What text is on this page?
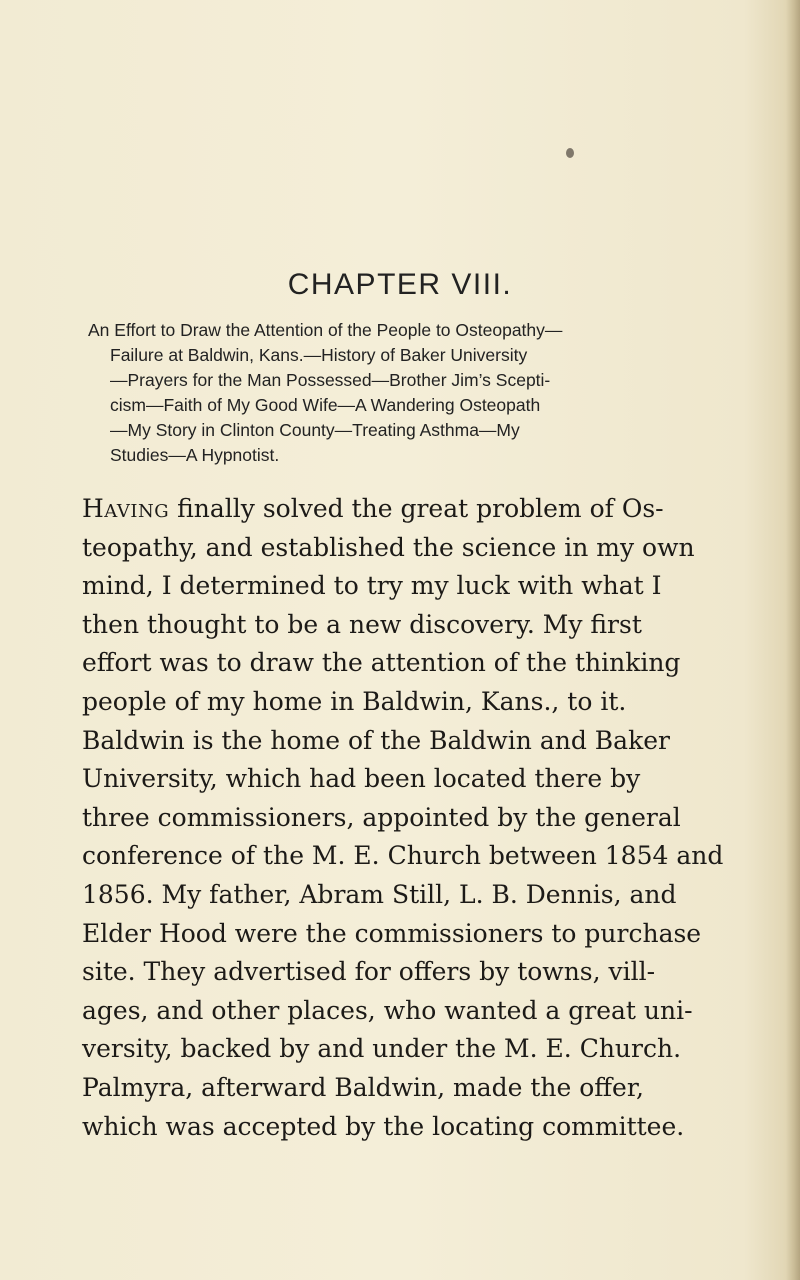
CHAPTER VIII.
An Effort to Draw the Attention of the People to Osteopathy—
Failure at Baldwin, Kans.—History of Baker University
—Prayers for the Man Possessed—Brother Jim’s Scepti-
cism—Faith of My Good Wife—A Wandering Osteopath
—My Story in Clinton County—Treating Asthma—My
Studies—A Hypnotist.
Having finally solved the great problem of Os-
teopathy, and established the science in my own
mind, I determined to try my luck with what I
then thought to be a new discovery. My first
effort was to draw the attention of the thinking
people of my home in Baldwin, Kans., to it.
Baldwin is the home of the Baldwin and Baker
University, which had been located there by
three commissioners, appointed by the general
conference of the M. E. Church between 1854 and
1856. My father, Abram Still, L. B. Dennis, and
Elder Hood were the commissioners to purchase
site. They advertised for offers by towns, vill-
ages, and other places, who wanted a great uni-
versity, backed by and under the M. E. Church.
Palmyra, afterward Baldwin, made the offer,
which was accepted by the locating committee.
